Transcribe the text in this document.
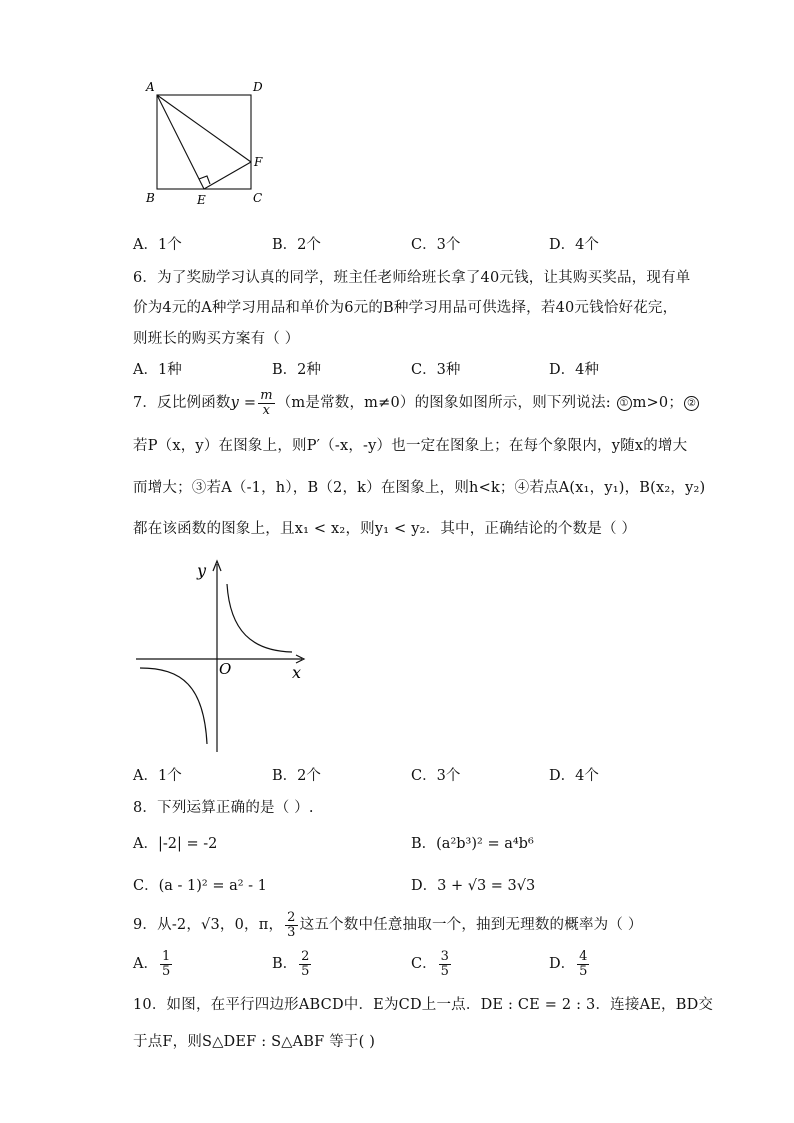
A	D
B	E	C
F
A．1个	B．2个	C．3个	D．4个
6．为了奖励学习认真的同学，班主任老师给班长拿了40元钱，让其购买奖品，现有单
价为4元的A种学习用品和单价为6元的B种学习用品可供选择，若40元钱恰好花完，
则班长的购买方案有（ ）
A．1种	B．2种	C．3种	D．4种
7．反比例函数$y = \frac{m}{x} (m$是常数，m≠0）的图象如图所示，则下列说法: ① m>0； ②
若P（x，y）在图象上，则P′（-x，-y）也一定在图象上；在每个象限内，y随x的增大
而增大；③若A（-1，h），B（2，k）在图象上，则h<k；④若点A(x₁，y₁)，B(x₂，y₂)
都在该函数的图象上，且x₁ < x₂，则y₁ < y₂．其中，正确结论的个数是（ ）
y
x
O
A．1个	B．2个	C．3个	D．4个
8．下列运算正确的是（ ）.
A．|-2| = -2	B．(a²b³)² = a⁴b⁶
C．(a - 1)² = a² - 1	D．3 + √3 = 3√3
9．从-2，√3，0，π， $\frac{2}{3}$ 这五个数中任意抽取一个，抽到无理数的概率为（ ）
A． $\frac{1}{5}$	B． $\frac{2}{5}$	C． $\frac{3}{5}$	D． $\frac{4}{5}$
10．如图，在平行四边形ABCD中．E为CD上一点．DE : CE = 2 : 3．连接AE，BD交
于点F，则S△DEF : S△ABF 等于( )
